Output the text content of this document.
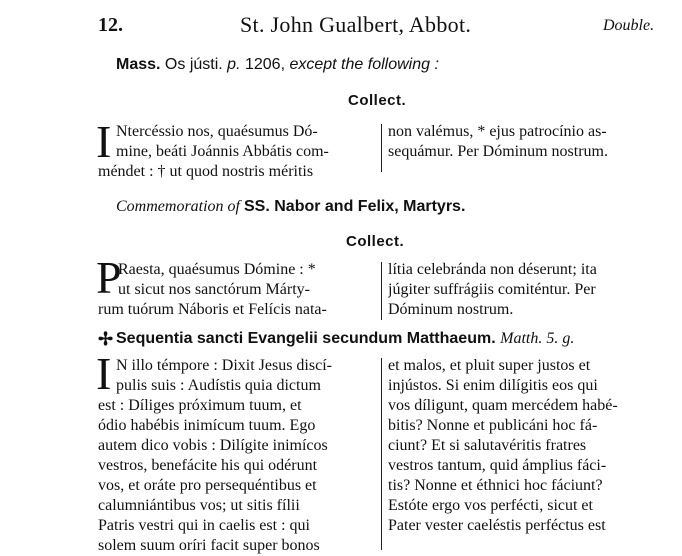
12.	St. John Gualbert, Abbot.	Double.
Mass. Os jústi. p. 1206, except the following :
Collect.
I Ntercéssio nos, quaésumus Dó-
mine, beáti Joánnis Abbátis com-
méndet : † ut quod nostris méritis
non valémus, * ejus patrocínio as-
sequámur. Per Dóminum nostrum.
Commemoration of SS. Nabor and Felix, Martyrs.
Collect.
P
Raesta, quaésumus Dómine : *
ut sicut nos sanctórum Márty-
rum tuórum Náboris et Felícis nata-
lítia celebránda non déserunt; ita
júgiter suffrágiis comiténtur. Per
Dóminum nostrum.
✢ Sequentia sancti Evangelii secundum Matthaeum. Matth. 5. g.
I N illo témpore : Dixit Jesus discí-
pulis suis : Audístis quia dictum
est : Díliges próximum tuum, et
ódio habébis inimícum tuum. Ego
autem dico vobis : Dilígite inimícos
vestros, benefácite his qui odérunt
vos, et oráte pro persequéntibus et
calumniántibus vos; ut sitis fílii
Patris vestri qui in caelis est : qui
solem suum oríri facit super bonos
et malos, et pluit super justos et
injústos. Si enim dilígitis eos qui
vos díligunt, quam mercédem habé-
bitis? Nonne et publicáni hoc fá-
ciunt? Et si salutavéritis fratres
vestros tantum, quid ámplius fáci-
tis? Nonne et éthnici hoc fáciunt?
Estóte ergo vos perfécti, sicut et
Pater vester caeléstis perféctus est
